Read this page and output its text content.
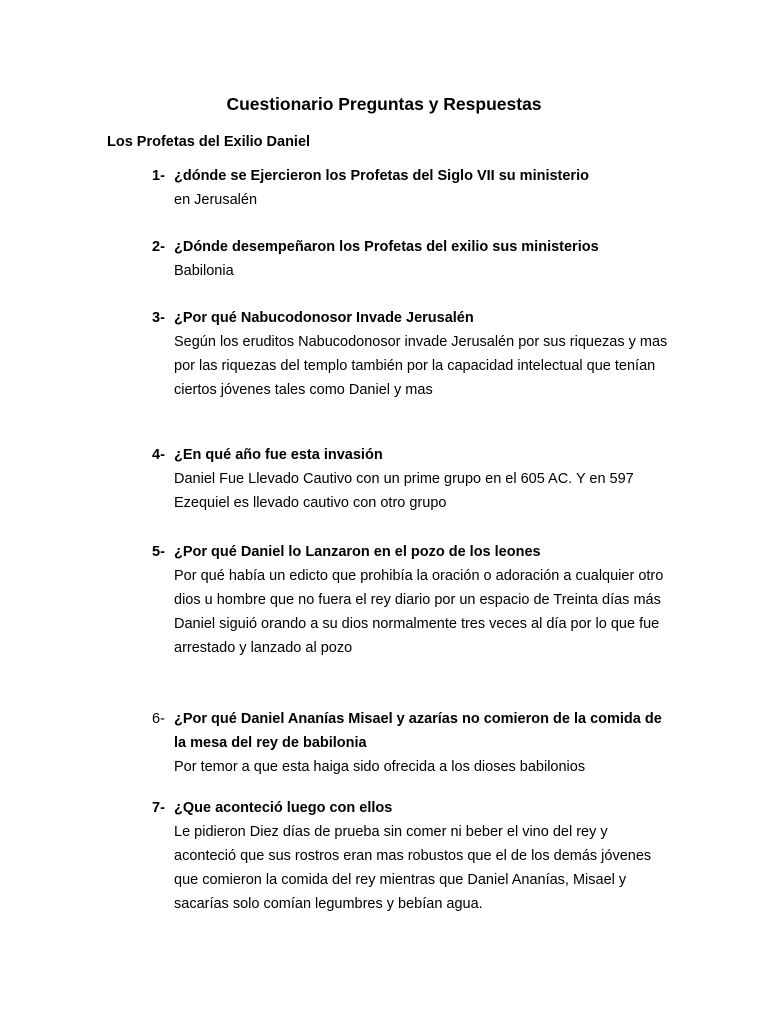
Cuestionario Preguntas y Respuestas
Los Profetas del Exilio Daniel
1- ¿dónde se Ejercieron los Profetas del Siglo VII su ministerio
en Jerusalén
2- ¿Dónde desempeñaron los Profetas del exilio sus ministerios
Babilonia
3- ¿Por qué Nabucodonosor Invade Jerusalén
Según los eruditos Nabucodonosor invade Jerusalén por sus riquezas y mas por las riquezas del templo también por la capacidad intelectual que tenían ciertos jóvenes tales como Daniel y mas
4- ¿En qué año fue esta invasión
Daniel Fue Llevado Cautivo con un prime grupo en el 605 AC. Y en 597 Ezequiel es llevado cautivo con otro grupo
5- ¿Por qué Daniel lo Lanzaron en el pozo de los leones
Por qué había un edicto que prohibía la oración o adoración a cualquier otro dios u hombre que no fuera el rey diario por un espacio de Treinta días más Daniel siguió orando a su dios normalmente tres veces al día por lo que fue arrestado y lanzado al pozo
6- ¿Por qué Daniel Ananías Misael y azarías no comieron de la comida de la mesa del rey de babilonia
Por temor a que esta haiga sido ofrecida a los dioses babilonios
7- ¿Que aconteció luego con ellos
Le pidieron Diez días de prueba sin comer ni beber el vino del rey y aconteció que sus rostros eran mas robustos que el de los demás jóvenes que comieron la comida del rey mientras que Daniel Ananías, Misael y sacarías solo comían legumbres y bebían agua.
